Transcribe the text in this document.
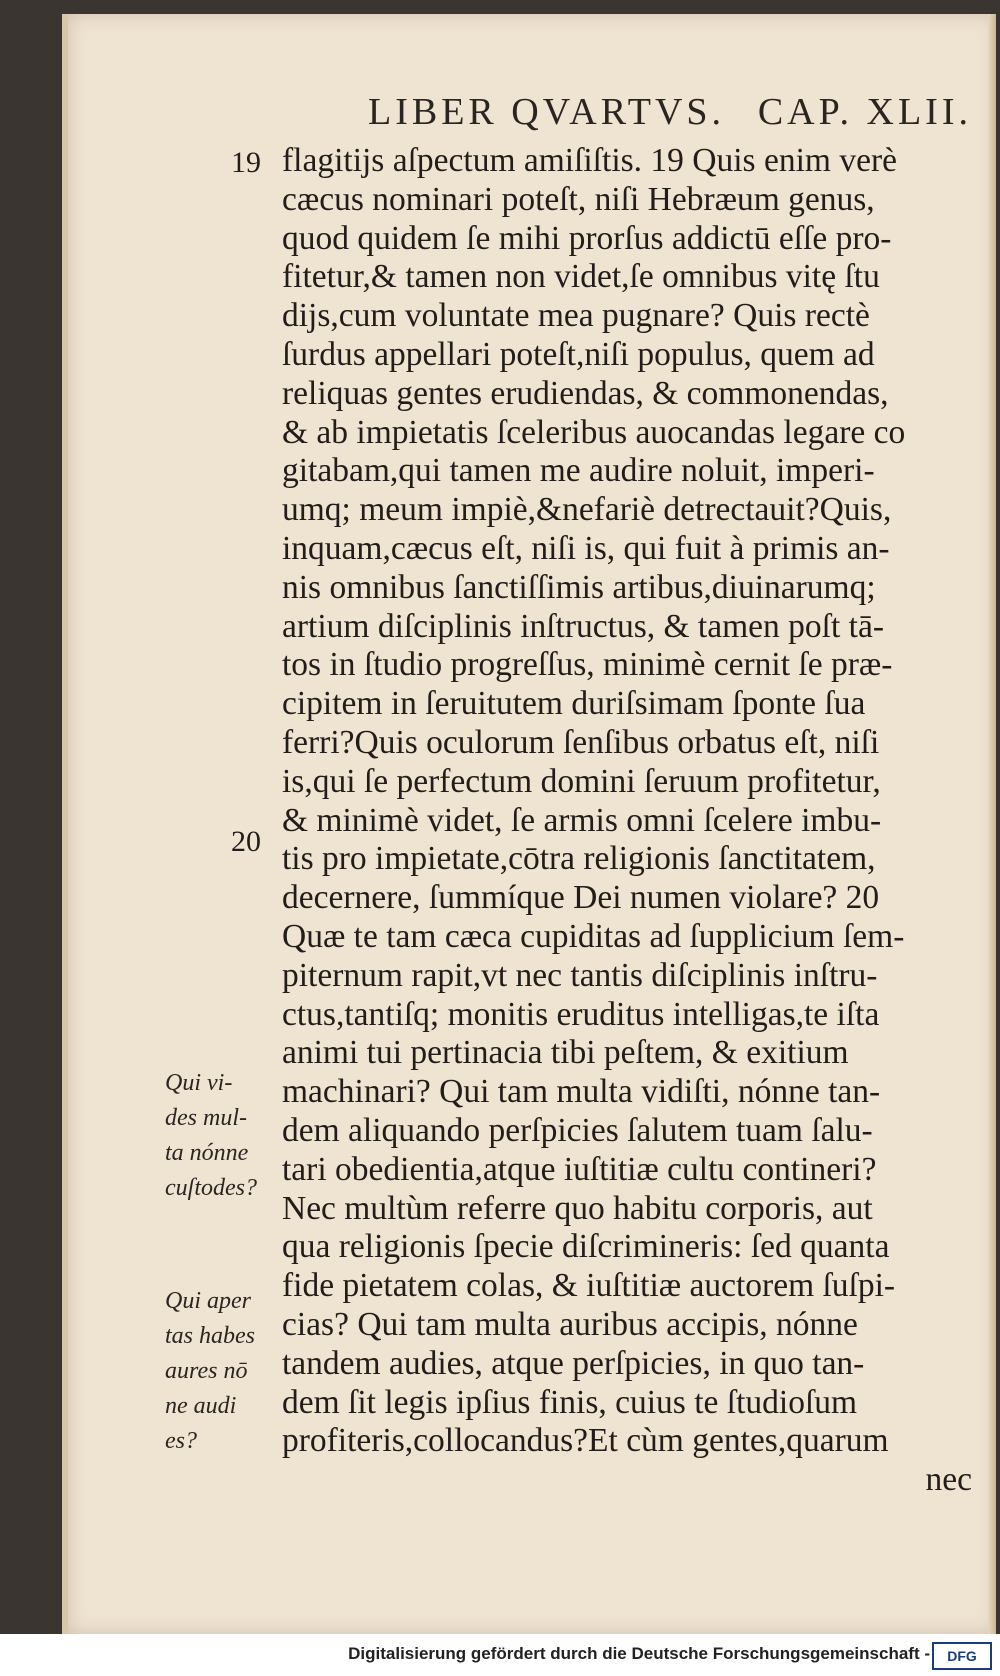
LIBER QVARTVS. CAP. XLII.
19
20
flagitijs aſpectum amiſiſtis. 19 Quis enim verè
cæcus nominari poteſt, niſi Hebræum genus,
quod quidem ſe mihi prorſus addictū eſſe pro-
fitetur,& tamen non videt,ſe omnibus vitę ſtu
dijs,cum voluntate mea pugnare? Quis rectè
ſurdus appellari poteſt,niſi populus, quem ad
reliquas gentes erudiendas, & commonendas,
& ab impietatis ſceleribus auocandas legare co
gitabam,qui tamen me audire noluit, imperi-
umq; meum impiè,&nefariè detrectauit?Quis,
inquam,cæcus eſt, niſi is, qui fuit à primis an-
nis omnibus ſanctiſſimis artibus,diuinarumq;
artium diſciplinis inſtructus, & tamen poſt tā-
tos in ſtudio progreſſus, minimè cernit ſe præ-
cipitem in ſeruitutem duriſsimam ſponte ſua
ferri?Quis oculorum ſenſibus orbatus eſt, niſi
is,qui ſe perfectum domini ſeruum profitetur,
& minimè videt, ſe armis omni ſcelere imbu-
tis pro impietate,cōtra religionis ſanctitatem,
decernere, ſummíque Dei numen violare? 20
Quæ te tam cæca cupiditas ad ſupplicium ſem-
piternum rapit,vt nec tantis diſciplinis inſtru-
ctus,tantiſq; monitis eruditus intelligas,te iſta
animi tui pertinacia tibi peſtem, & exitium
machinari? Qui tam multa vidiſti, nónne tan-
dem aliquando perſpicies ſalutem tuam ſalu-
tari obedientia,atque iuſtitiæ cultu contineri?
Nec multùm referre quo habitu corporis, aut
qua religionis ſpecie diſcrimineris: ſed quanta
fide pietatem colas, & iuſtitiæ auctorem ſuſpi-
cias? Qui tam multa auribus accipis, nónne
tandem audies, atque perſpicies, in quo tan-
dem ſit legis ipſius finis, cuius te ſtudioſum
profiteris,collocandus?Et cùm gentes,quarum
nec
Qui vi-
des mul-
ta nónne
cuſtodes?
Qui aper
tas habes
aures nō
ne audi
es?
Digitalisierung gefördert durch die Deutsche Forschungsgemeinschaft -	DFG
